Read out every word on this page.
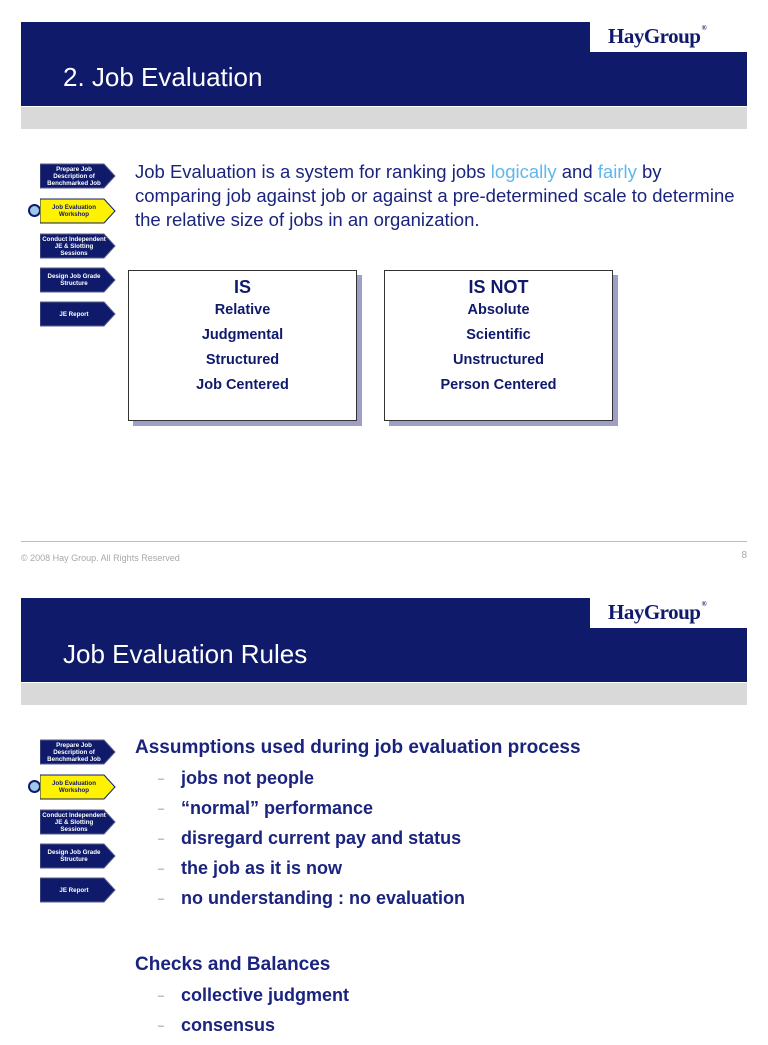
HayGroup®
2. Job Evaluation
Prepare Job Description of Benchmarked Job
Job Evaluation Workshop
Conduct Independent JE & Slotting Sessions
Design Job Grade Structure
JE Report
Job Evaluation is a system for ranking jobs logically and fairly by comparing job against job or against a pre-determined scale to determine the relative size of jobs in an organization.
IS
Relative
Judgmental
Structured
Job Centered
IS NOT
Absolute
Scientific
Unstructured
Person Centered
© 2008 Hay Group. All Rights Reserved	8
HayGroup®
Job Evaluation Rules
Prepare Job Description of Benchmarked Job
Job Evaluation Workshop
Conduct Independent JE & Slotting Sessions
Design Job Grade Structure
JE Report
Assumptions used during job evaluation process
– jobs not people
– “normal” performance
– disregard current pay and status
– the job as it is now
– no understanding : no evaluation
Checks and Balances
– collective judgment
– consensus
